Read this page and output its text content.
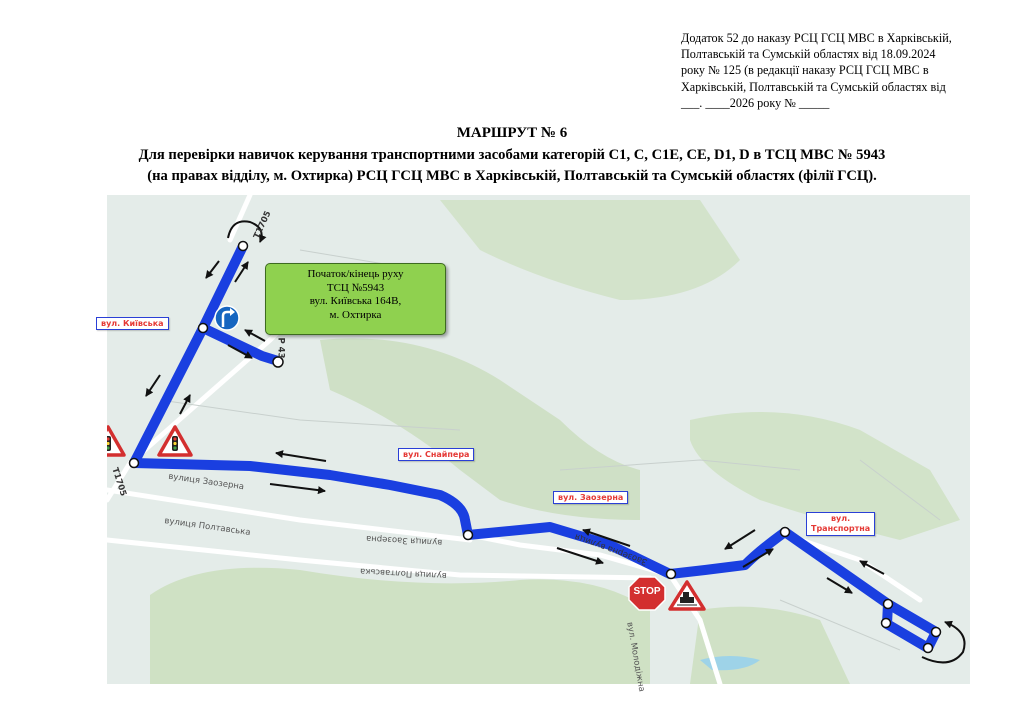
Додаток 52 до наказу РСЦ ГСЦ МВС в Харківській,
Полтавській та Сумській областях від 18.09.2024
року № 125 (в редакції наказу РСЦ ГСЦ МВС в
Харківській, Полтавській та Сумській областях від
___. ____2026 року № _____
МАРШРУТ № 6
Для перевірки навичок керування транспортними засобами категорій C1, C, C1E, CE, D1, D в ТСЦ МВС № 5943
(на правах відділу, м. Охтирка) РСЦ ГСЦ МВС в Харківській, Полтавській та Сумській областях (філії ГСЦ).
вулиця Заозерна
вулиця Полтавська
вулиця Заозерна
вулиця Полтавська
T1705
T1705
Р 43
вул. Молодіжна
Заозерна вулиця
Початок/кінець руху
ТСЦ №5943
вул. Київська 164В,
м. Охтирка
вул. Київська
вул. Снайпера
вул. Заозерна
вул.
Транспортна
STOP
